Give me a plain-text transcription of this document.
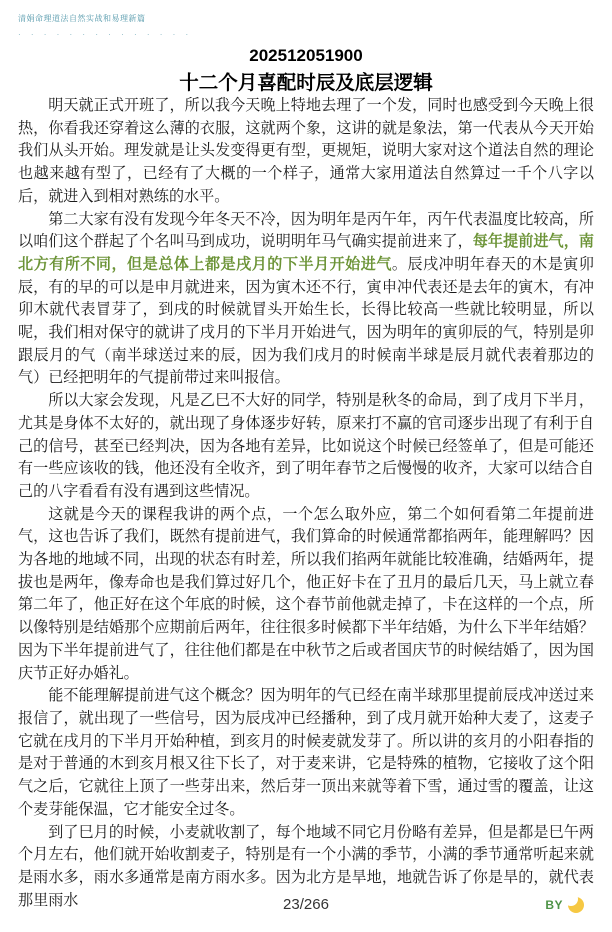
清娟命理道法自然实战和易理新篇
· · · · · · · · · · · · · ·
202512051900
十二个月喜配时辰及底层逻辑

明天就正式开班了，所以我今天晚上特地去理了一个发，同时也感受到今天晚上很热，你看我还穿着这么薄的衣服，这就两个象，这讲的就是象法，第一代表从今天开始我们从头开始。理发就是让头发变得更有型，更规矩，说明大家对这个道法自然的理论也越来越有型了，已经有了大概的一个样子，通常大家用道法自然算过一千个八字以后，就进入到相对熟练的水平。

第二大家有没有发现今年冬天不冷，因为明年是丙午年，丙午代表温度比较高，所以咱们这个群起了个名叫马到成功，说明明年马气确实提前进来了，每年提前进气，南北方有所不同，但是总体上都是戌月的下半月开始进气。辰戌冲明年春天的木是寅卯辰，有的早的可以是申月就进来，因为寅木还不行，寅申冲代表还是去年的寅木，有冲卯木就代表冒芽了，到戌的时候就冒头开始生长，长得比较高一些就比较明显，所以呢，我们相对保守的就讲了戌月的下半月开始进气，因为明年的寅卯辰的气，特别是卯跟辰月的气（南半球送过来的辰，因为我们戌月的时候南半球是辰月就代表着那边的气）已经把明年的气提前带过来叫报信。

所以大家会发现，凡是乙巳不大好的同学，特别是秋冬的命局，到了戌月下半月，尤其是身体不太好的，就出现了身体逐步好转，原来打不赢的官司逐步出现了有利于自己的信号，甚至已经判决，因为各地有差异，比如说这个时候已经签单了，但是可能还有一些应该收的钱，他还没有全收齐，到了明年春节之后慢慢的收齐，大家可以结合自己的八字看看有没有遇到这些情况。

这就是今天的课程我讲的两个点，一个怎么取外应，第二个如何看第二年提前进气，这也告诉了我们，既然有提前进气，我们算命的时候通常都掐两年，能理解吗？因为各地的地域不同，出现的状态有时差，所以我们掐两年就能比较准确，结婚两年，提拔也是两年，像寿命也是我们算过好几个，他正好卡在了丑月的最后几天，马上就立春第二年了，他正好在这个年底的时候，这个春节前他就走掉了，卡在这样的一个点，所以像特别是结婚那个应期前后两年，往往很多时候都下半年结婚，为什么下半年结婚？因为下半年提前进气了，往往他们都是在中秋节之后或者国庆节的时候结婚了，因为国庆节正好办婚礼。

能不能理解提前进气这个概念？因为明年的气已经在南半球那里提前辰戌冲送过来报信了，就出现了一些信号，因为辰戌冲已经播种，到了戌月就开始种大麦了，这麦子它就在戌月的下半月开始种植，到亥月的时候麦就发芽了。所以讲的亥月的小阳春指的是对于普通的木到亥月根又往下长了，对于麦来讲，它是特殊的植物，它接收了这个阳气之后，它就往上顶了一些芽出来，然后芽一顶出来就等着下雪，通过雪的覆盖，让这个麦芽能保温，它才能安全过冬。

到了巳月的时候，小麦就收割了，每个地域不同它月份略有差异，但是都是巳午两个月左右，他们就开始收割麦子，特别是有一个小满的季节，小满的季节通常听起来就是雨水多，雨水多通常是南方雨水多。因为北方是旱地，地就告诉了你是旱的，就代表那里雨水	23/266	BY
